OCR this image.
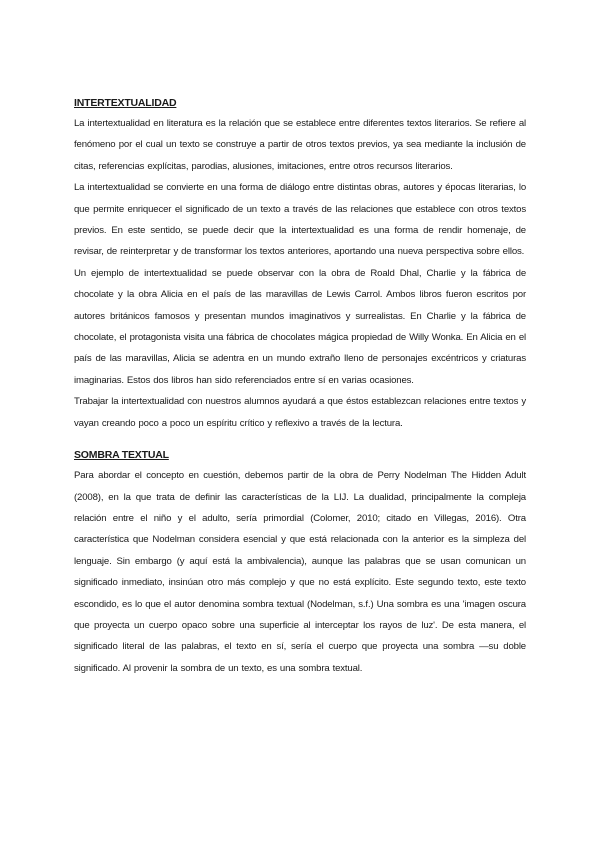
INTERTEXTUALIDAD

La intertextualidad en literatura es la relación que se establece entre diferentes textos literarios. Se refiere al fenómeno por el cual un texto se construye a partir de otros textos previos, ya sea mediante la inclusión de citas, referencias explícitas, parodias, alusiones, imitaciones, entre otros recursos literarios.

La intertextualidad se convierte en una forma de diálogo entre distintas obras, autores y épocas literarias, lo que permite enriquecer el significado de un texto a través de las relaciones que establece con otros textos previos. En este sentido, se puede decir que la intertextualidad es una forma de rendir homenaje, de revisar, de reinterpretar y de transformar los textos anteriores, aportando una nueva perspectiva sobre ellos.

Un ejemplo de intertextualidad se puede observar con la obra de Roald Dhal, Charlie y la fábrica de chocolate y la obra Alicia en el país de las maravillas de Lewis Carrol. Ambos libros fueron escritos por autores británicos famosos y presentan mundos imaginativos y surrealistas. En Charlie y la fábrica de chocolate, el protagonista visita una fábrica de chocolates mágica propiedad de Willy Wonka. En Alicia en el país de las maravillas, Alicia se adentra en un mundo extraño lleno de personajes excéntricos y criaturas imaginarias. Estos dos libros han sido referenciados entre sí en varias ocasiones.

Trabajar la intertextualidad con nuestros alumnos ayudará a que éstos establezcan relaciones entre textos y vayan creando poco a poco un espíritu crítico y reflexivo a través de la lectura.

SOMBRA TEXTUAL

Para abordar el concepto en cuestión, debemos partir de la obra de Perry Nodelman The Hidden Adult (2008), en la que trata de definir las características de la LIJ. La dualidad, principalmente la compleja relación entre el niño y el adulto, sería primordial (Colomer, 2010; citado en Villegas, 2016). Otra característica que Nodelman considera esencial y que está relacionada con la anterior es la simpleza del lenguaje. Sin embargo (y aquí está la ambivalencia), aunque las palabras que se usan comunican un significado inmediato, insinúan otro más complejo y que no está explícito. Este segundo texto, este texto escondido, es lo que el autor denomina sombra textual (Nodelman, s.f.) Una sombra es una 'imagen oscura que proyecta un cuerpo opaco sobre una superficie al interceptar los rayos de luz'. De esta manera, el significado literal de las palabras, el texto en sí, sería el cuerpo que proyecta una sombra —su doble significado. Al provenir la sombra de un texto, es una sombra textual.
